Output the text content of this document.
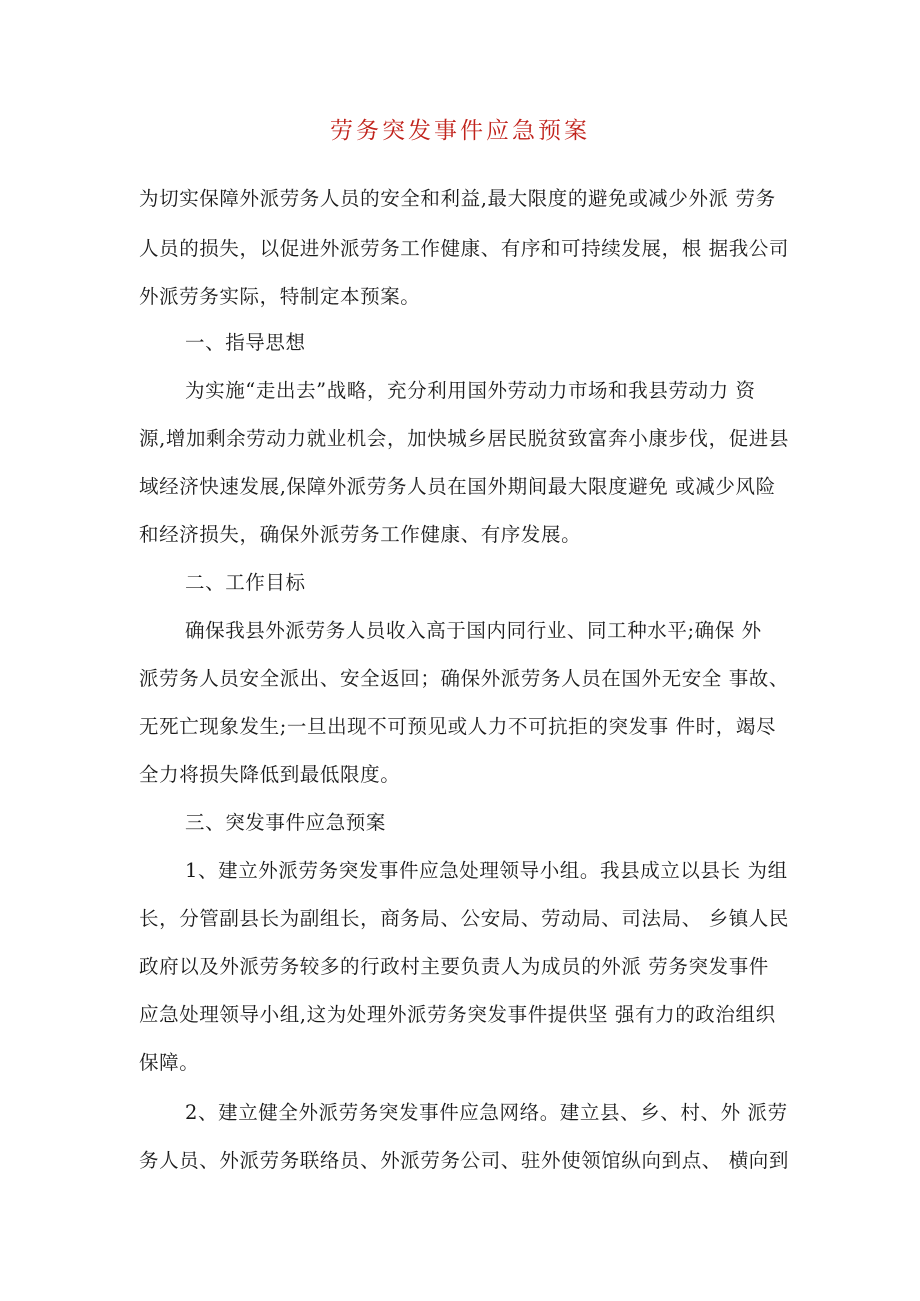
劳务突发事件应急预案
为切实保障外派劳务人员的安全和利益,最大限度的避免或减少外派 劳务
人员的损失，以促进外派劳务工作健康、有序和可持续发展，根 据我公司
外派劳务实际，特制定本预案。
一、指导思想
为实施“走出去”战略，充分利用国外劳动力市场和我县劳动力 资
源,增加剩余劳动力就业机会，加快城乡居民脱贫致富奔小康步伐，促进县
域经济快速发展,保障外派劳务人员在国外期间最大限度避免 或减少风险
和经济损失，确保外派劳务工作健康、有序发展。
二、工作目标
确保我县外派劳务人员收入高于国内同行业、同工种水平;确保 外
派劳务人员安全派出、安全返回；确保外派劳务人员在国外无安全 事故、
无死亡现象发生;一旦出现不可预见或人力不可抗拒的突发事 件时，竭尽
全力将损失降低到最低限度。
三、突发事件应急预案
1、建立外派劳务突发事件应急处理领导小组。我县成立以县长 为组
长，分管副县长为副组长，商务局、公安局、劳动局、司法局、 乡镇人民
政府以及外派劳务较多的行政村主要负责人为成员的外派 劳务突发事件
应急处理领导小组,这为处理外派劳务突发事件提供坚 强有力的政治组织
保障。
2、建立健全外派劳务突发事件应急网络。建立县、乡、村、外 派劳
务人员、外派劳务联络员、外派劳务公司、驻外使领馆纵向到点、 横向到
